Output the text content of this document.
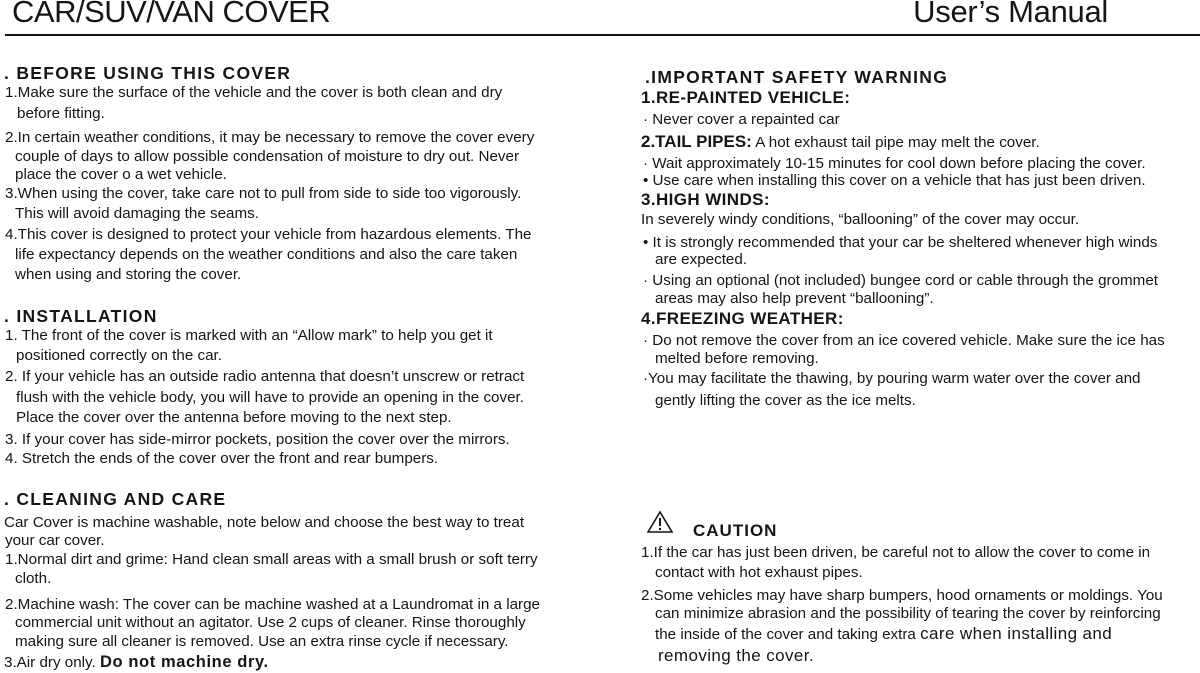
CAR/SUV/VAN COVER	User’s Manual
. BEFORE USING THIS COVER
1.Make sure the surface of the vehicle and the cover is both clean and dry
before fitting.
2.In certain weather conditions, it may be necessary to remove the cover every
couple of days to allow possible condensation of moisture to dry out. Never
place the cover o a wet vehicle.
3.When using the cover, take care not to pull from side to side too vigorously.
This will avoid damaging the seams.
4.This cover is designed to protect your vehicle from hazardous elements. The
life expectancy depends on the weather conditions and also the care taken
when using and storing the cover.
. INSTALLATION
1. The front of the cover is marked with an “Allow mark” to help you get it
positioned correctly on the car.
2. If your vehicle has an outside radio antenna that doesn’t unscrew or retract
flush with the vehicle body, you will have to provide an opening in the cover.
Place the cover over the antenna before moving to the next step.
3. If your cover has side-mirror pockets, position the cover over the mirrors.
4. Stretch the ends of the cover over the front and rear bumpers.
. CLEANING AND CARE
Car Cover is machine washable, note below and choose the best way to treat
your car cover.
1.Normal dirt and grime: Hand clean small areas with a small brush or soft terry
cloth.
2.Machine wash: The cover can be machine washed at a Laundromat in a large
commercial unit without an agitator. Use 2 cups of cleaner. Rinse thoroughly
making sure all cleaner is removed. Use an extra rinse cycle if necessary.
3.Air dry only. Do not machine dry.
.IMPORTANT SAFETY WARNING
1.RE-PAINTED VEHICLE:
· Never cover a repainted car
2.TAIL PIPES: A hot exhaust tail pipe may melt the cover.
· Wait approximately 10-15 minutes for cool down before placing the cover.
• Use care when installing this cover on a vehicle that has just been driven.
3.HIGH WINDS:
In severely windy conditions, “ballooning” of the cover may occur.
• It is strongly recommended that your car be sheltered whenever high winds
are expected.
· Using an optional (not included) bungee cord or cable through the grommet
areas may also help prevent “ballooning”.
4.FREEZING WEATHER:
· Do not remove the cover from an ice covered vehicle. Make sure the ice has
melted before removing.
·You may facilitate the thawing, by pouring warm water over the cover and
gently lifting the cover as the ice melts.
CAUTION
1.If the car has just been driven, be careful not to allow the cover to come in
contact with hot exhaust pipes.
2.Some vehicles may have sharp bumpers, hood ornaments or moldings. You
can minimize abrasion and the possibility of tearing the cover by reinforcing
the inside of the cover and taking extra care when installing and
removing the cover.
